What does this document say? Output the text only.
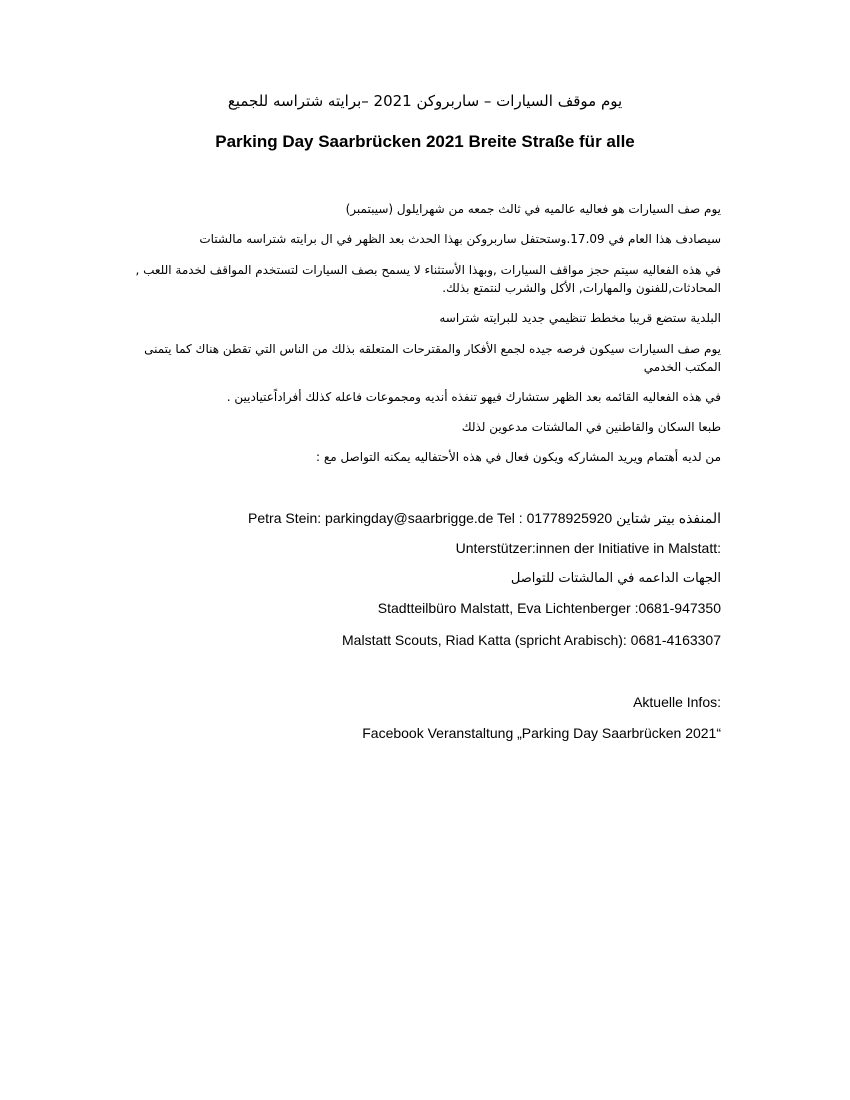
يوم موقف السيارات – ساربروكن 2021 –برايته شتراسه للجميع
Parking Day Saarbrücken 2021 Breite Straße für alle
يوم صف السيارات هو فعاليه عالميه في ثالث جمعه من شهرايلول (سيبتمبر)
سيصادف هذا العام في 17.09.وستحتفل ساربروكن بهذا الحدث بعد الظهر في ال برايته شتراسه مالشتات
في هذه الفعاليه سيتم حجز مواقف السيارات ,وبهذا الأستثناء لا يسمح بصف السيارات لتستخدم المواقف لخدمة اللعب ,
المحادثات,للفنون والمهارات, الأكل والشرب لنتمتع بذلك.
البلدية ستضع قريبا مخطط تنظيمي جديد للبرايته شتراسه
يوم صف السيارات سيكون فرصه جيده لجمع الأفكار والمقترحات المتعلقه بذلك من الناس التي تقطن هناك كما يتمنى
المكتب الخدمي
في هذه الفعاليه القائمه بعد الظهر ستشارك فيهو تنفذه أنديه ومجموعات فاعله كذلك أفراداًعتياديين .
طبعا السكان والقاطنين في المالشتات مدعوين لذلك
من لديه أهتمام ويريد المشاركه ويكون فعال في هذه الأحتفاليه يمكنه التواصل مع :
Petra Stein: parkingday@saarbrigge.de Tel : 01778925920 المنفذه بيتر شتاين
Unterstützer:innen der Initiative in Malstatt:
الجهات الداعمه في المالشتات للتواصل
Stadtteilbüro Malstatt, Eva Lichtenberger :0681-947350
Malstatt Scouts, Riad Katta (spricht Arabisch): 0681-4163307
Aktuelle Infos:
Facebook Veranstaltung „Parking Day Saarbrücken 2021“
